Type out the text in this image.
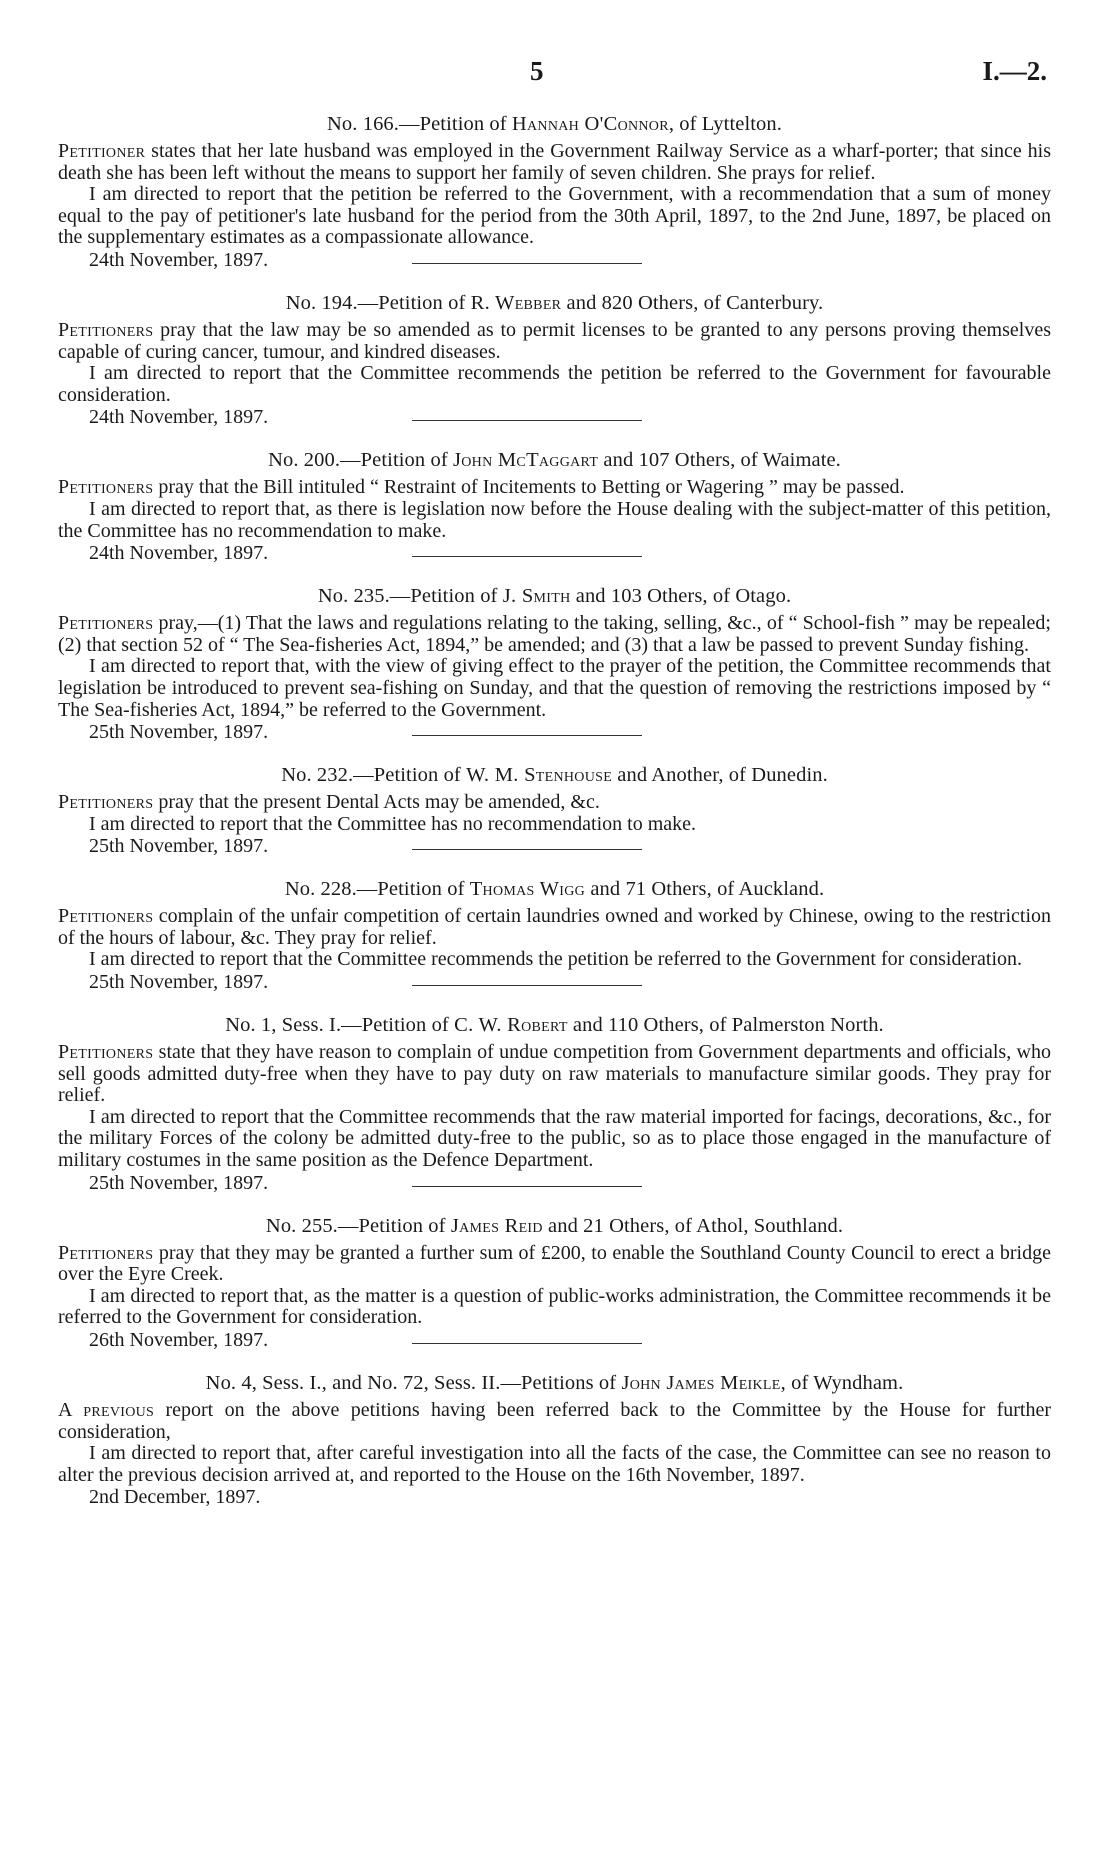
5	I.—2.

No. 166.—Petition of Hannah O'Connor, of Lyttelton.

Petitioner states that her late husband was employed in the Government Railway Service as a wharf-porter; that since his death she has been left without the means to support her family of seven children. She prays for relief.

I am directed to report that the petition be referred to the Government, with a recommendation that a sum of money equal to the pay of petitioner's late husband for the period from the 30th April, 1897, to the 2nd June, 1897, be placed on the supplementary estimates as a compassionate allowance.

24th November, 1897.

No. 194.—Petition of R. Webber and 820 Others, of Canterbury.

Petitioners pray that the law may be so amended as to permit licenses to be granted to any persons proving themselves capable of curing cancer, tumour, and kindred diseases.

I am directed to report that the Committee recommends the petition be referred to the Government for favourable consideration.

24th November, 1897.

No. 200.—Petition of John McTaggart and 107 Others, of Waimate.

Petitioners pray that the Bill intituled “ Restraint of Incitements to Betting or Wagering ” may be passed.

I am directed to report that, as there is legislation now before the House dealing with the subject-matter of this petition, the Committee has no recommendation to make.

24th November, 1897.

No. 235.—Petition of J. Smith and 103 Others, of Otago.

Petitioners pray,—(1) That the laws and regulations relating to the taking, selling, &c., of “ School-fish ” may be repealed; (2) that section 52 of “ The Sea-fisheries Act, 1894,” be amended; and (3) that a law be passed to prevent Sunday fishing.

I am directed to report that, with the view of giving effect to the prayer of the petition, the Committee recommends that legislation be introduced to prevent sea-fishing on Sunday, and that the question of removing the restrictions imposed by “ The Sea-fisheries Act, 1894,” be referred to the Government.

25th November, 1897.

No. 232.—Petition of W. M. Stenhouse and Another, of Dunedin.

Petitioners pray that the present Dental Acts may be amended, &c.

I am directed to report that the Committee has no recommendation to make.

25th November, 1897.

No. 228.—Petition of Thomas Wigg and 71 Others, of Auckland.

Petitioners complain of the unfair competition of certain laundries owned and worked by Chinese, owing to the restriction of the hours of labour, &c. They pray for relief.

I am directed to report that the Committee recommends the petition be referred to the Government for consideration.

25th November, 1897.

No. 1, Sess. I.—Petition of C. W. Robert and 110 Others, of Palmerston North.

Petitioners state that they have reason to complain of undue competition from Government departments and officials, who sell goods admitted duty-free when they have to pay duty on raw materials to manufacture similar goods. They pray for relief.

I am directed to report that the Committee recommends that the raw material imported for facings, decorations, &c., for the military Forces of the colony be admitted duty-free to the public, so as to place those engaged in the manufacture of military costumes in the same position as the Defence Department.

25th November, 1897.

No. 255.—Petition of James Reid and 21 Others, of Athol, Southland.

Petitioners pray that they may be granted a further sum of £200, to enable the Southland County Council to erect a bridge over the Eyre Creek.

I am directed to report that, as the matter is a question of public-works administration, the Committee recommends it be referred to the Government for consideration.

26th November, 1897.

No. 4, Sess. I., and No. 72, Sess. II.—Petitions of John James Meikle, of Wyndham.

A previous report on the above petitions having been referred back to the Committee by the House for further consideration,

I am directed to report that, after careful investigation into all the facts of the case, the Committee can see no reason to alter the previous decision arrived at, and reported to the House on the 16th November, 1897.

2nd December, 1897.
